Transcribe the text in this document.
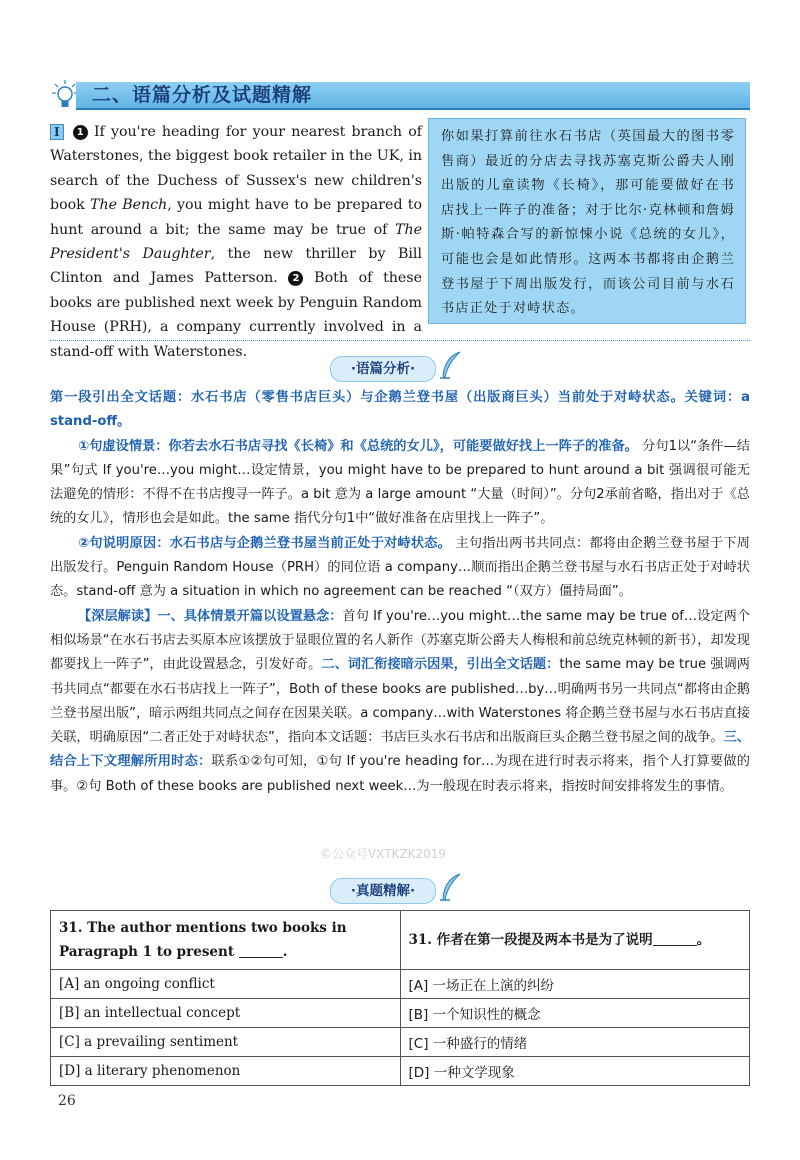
二、语篇分析及试题精解
I 1 If you're heading for your nearest branch of Waterstones, the biggest book retailer in the UK, in search of the Duchess of Sussex's new children's book The Bench, you might have to be prepared to hunt around a bit; the same may be true of The President's Daughter, the new thriller by Bill Clinton and James Patterson. 2 Both of these books are published next week by Penguin Random House (PRH), a company currently involved in a stand-off with Waterstones.
你如果打算前往水石书店（英国最大的图书零售商）最近的分店去寻找苏塞克斯公爵夫人刚出版的儿童读物《长椅》，那可能要做好在书店找上一阵子的准备；对于比尔·克林顿和詹姆斯·帕特森合写的新惊悚小说《总统的女儿》，可能也会是如此情形。这两本书都将由企鹅兰登书屋于下周出版发行，而该公司目前与水石书店正处于对峙状态。
·语篇分析·

第一段引出全文话题：水石书店（零售书店巨头）与企鹅兰登书屋（出版商巨头）当前处于对峙状态。关键词：a stand-off。

①句虚设情景：你若去水石书店寻找《长椅》和《总统的女儿》，可能要做好找上一阵子的准备。 分句1以“条件—结果”句式 If you're…you might…设定情景，you might have to be prepared to hunt around a bit 强调很可能无法避免的情形：不得不在书店搜寻一阵子。a bit 意为 a large amount “大量（时间）”。分句2承前省略，指出对于《总统的女儿》，情形也会是如此。the same 指代分句1中“做好准备在店里找上一阵子”。

②句说明原因：水石书店与企鹅兰登书屋当前正处于对峙状态。 主句指出两书共同点：都将由企鹅兰登书屋于下周出版发行。Penguin Random House（PRH）的同位语 a company…顺而指出企鹅兰登书屋与水石书店正处于对峙状态。stand-off 意为 a situation in which no agreement can be reached “（双方）僵持局面”。

【深层解读】一、具体情景开篇以设置悬念：首句 If you're…you might…the same may be true of…设定两个相似场景“在水石书店去买原本应该摆放于显眼位置的名人新作（苏塞克斯公爵夫人梅根和前总统克林顿的新书），却发现都要找上一阵子”，由此设置悬念，引发好奇。二、词汇衔接暗示因果，引出全文话题：the same may be true 强调两书共同点“都要在水石书店找上一阵子”，Both of these books are published…by…明确两书另一共同点“都将由企鹅兰登书屋出版”，暗示两组共同点之间存在因果关联。a company…with Waterstones 将企鹅兰登书屋与水石书店直接关联，明确原因“二者正处于对峙状态”，指向本文话题：书店巨头水石书店和出版商巨头企鹅兰登书屋之间的战争。三、结合上下文理解所用时态：联系①②句可知，①句 If you're heading for…为现在进行时表示将来，指个人打算要做的事。②句 Both of these books are published next week…为一般现在时表示将来，指按时间安排将发生的事情。

©公众号VXTKZK2019
·真题精解·
31. The author mentions two books in Paragraph 1 to present .	31. 作者在第一段提及两本书是为了说明 。
[A] an ongoing conflict	[A] 一场正在上演的纠纷
[B] an intellectual concept	[B] 一个知识性的概念
[C] a prevailing sentiment	[C] 一种盛行的情绪
[D] a literary phenomenon	[D] 一种文学现象
26
